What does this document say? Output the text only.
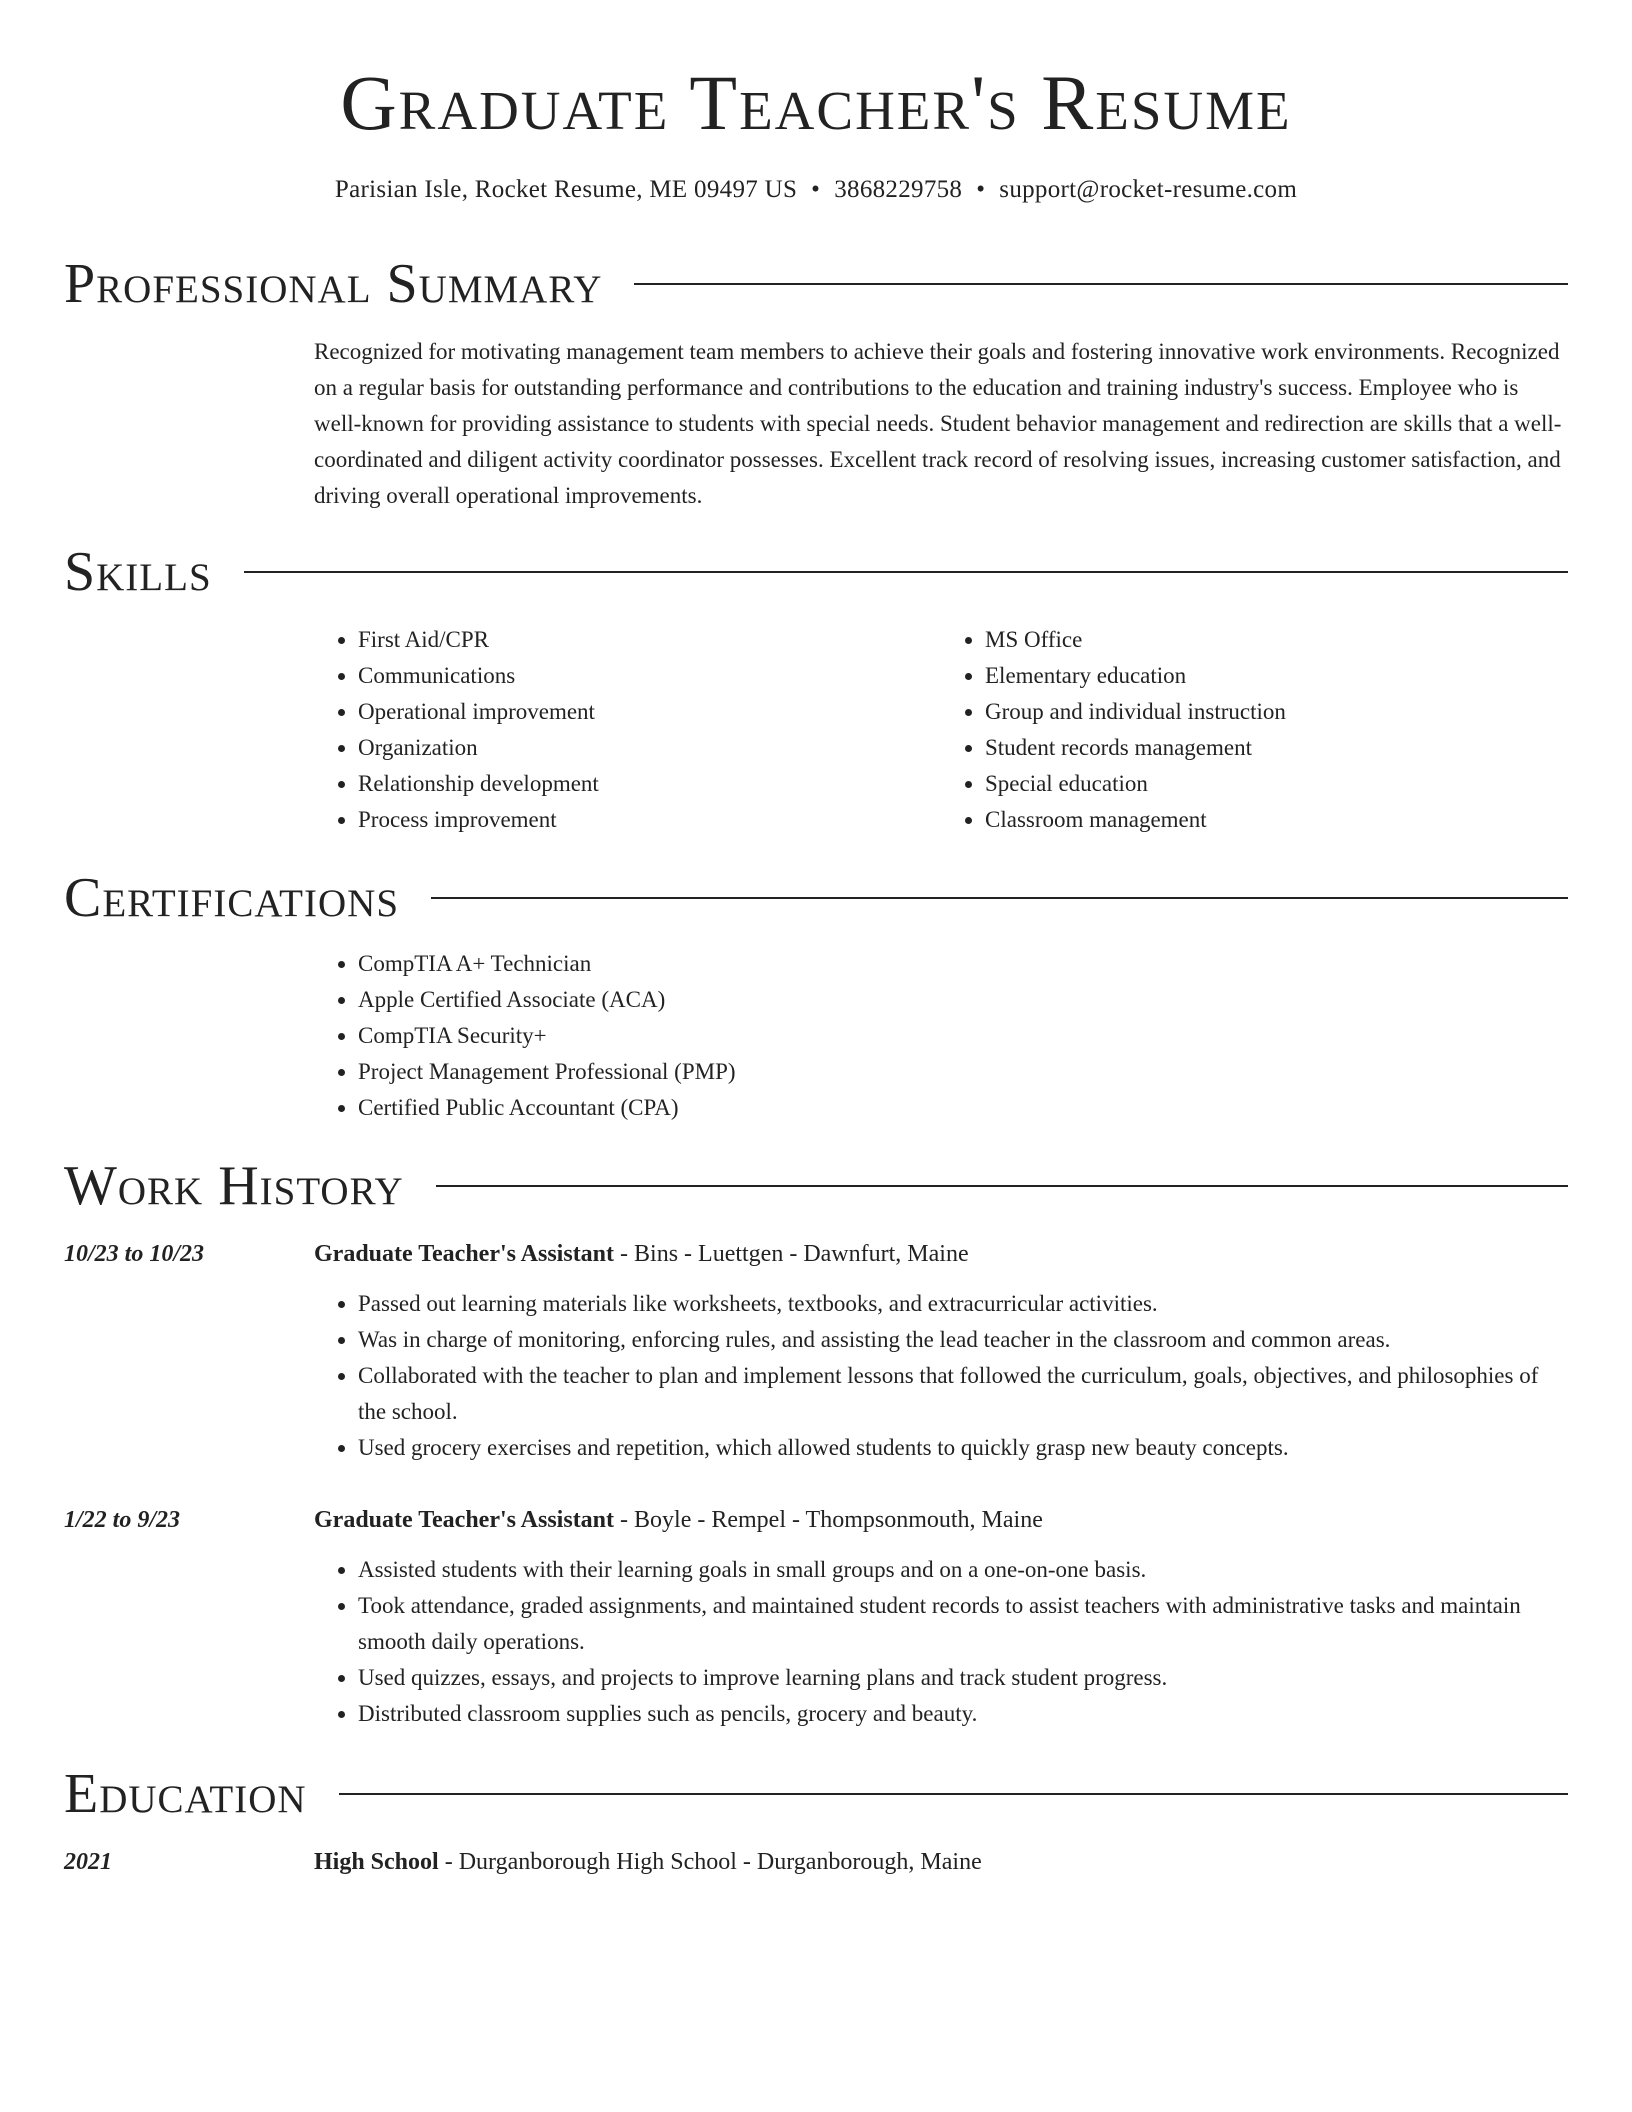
Graduate Teacher's Resume
Parisian Isle, Rocket Resume, ME 09497 US • 3868229758 • support@rocket-resume.com
Professional Summary

Recognized for motivating management team members to achieve their goals and fostering innovative work environments. Recognized on a regular basis for outstanding performance and contributions to the education and training industry's success. Employee who is well-known for providing assistance to students with special needs. Student behavior management and redirection are skills that a well-coordinated and diligent activity coordinator possesses. Excellent track record of resolving issues, increasing customer satisfaction, and driving overall operational improvements.

Skills
• First Aid/CPR
• Communications
• Operational improvement
• Organization
• Relationship development
• Process improvement
• MS Office
• Elementary education
• Group and individual instruction
• Student records management
• Special education
• Classroom management
Certifications
• CompTIA A+ Technician
• Apple Certified Associate (ACA)
• CompTIA Security+
• Project Management Professional (PMP)
• Certified Public Accountant (CPA)
Work History
10/23 to 10/23	Graduate Teacher's Assistant - Bins - Luettgen - Dawnfurt, Maine
• Passed out learning materials like worksheets, textbooks, and extracurricular activities.
• Was in charge of monitoring, enforcing rules, and assisting the lead teacher in the classroom and common areas.
• Collaborated with the teacher to plan and implement lessons that followed the curriculum, goals, objectives, and philosophies of the school.
• Used grocery exercises and repetition, which allowed students to quickly grasp new beauty concepts.
1/22 to 9/23	Graduate Teacher's Assistant - Boyle - Rempel - Thompsonmouth, Maine
• Assisted students with their learning goals in small groups and on a one-on-one basis.
• Took attendance, graded assignments, and maintained student records to assist teachers with administrative tasks and maintain smooth daily operations.
• Used quizzes, essays, and projects to improve learning plans and track student progress.
• Distributed classroom supplies such as pencils, grocery and beauty.
Education
2021	High School - Durganborough High School - Durganborough, Maine
